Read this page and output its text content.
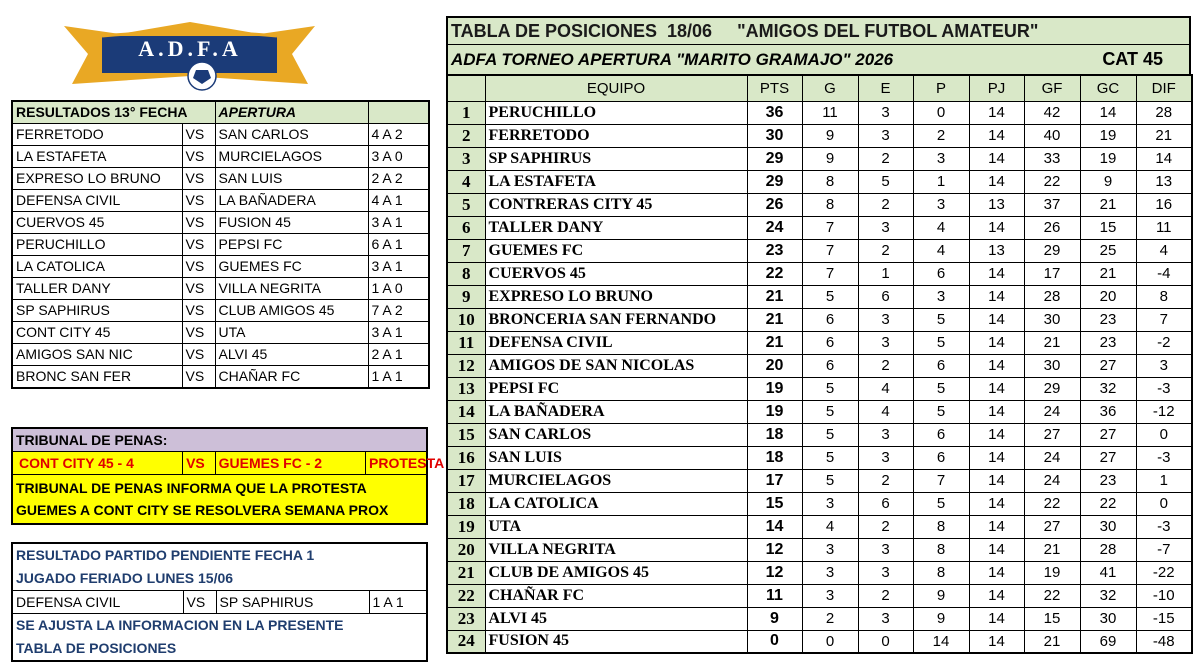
A.D.F.A
RESULTADOS 13° FECHA		APERTURA	
FERRETODO	VS	SAN CARLOS	4 A 2
LA ESTAFETA	VS	MURCIELAGOS	3 A 0
EXPRESO LO BRUNO	VS	SAN LUIS	2 A 2
DEFENSA CIVIL	VS	LA BAÑADERA	4 A 1
CUERVOS 45	VS	FUSION 45	3 A 1
PERUCHILLO	VS	PEPSI FC	6 A 1
LA CATOLICA	VS	GUEMES FC	3 A 1
TALLER DANY	VS	VILLA NEGRITA	1 A 0
SP SAPHIRUS	VS	CLUB AMIGOS 45	7 A 2
CONT CITY 45	VS	UTA	3 A 1
AMIGOS SAN NIC	VS	ALVI 45	2 A 1
BRONC SAN FER	VS	CHAÑAR FC	1 A 1
TRIBUNAL DE PENAS:
CONT CITY 45 - 4	VS GUEMES FC - 2	PROTESTA
TRIBUNAL DE PENAS INFORMA QUE LA PROTESTA GUEMES A CONT CITY SE RESOLVERA SEMANA PROX
RESULTADO PARTIDO PENDIENTE FECHA 1
JUGADO FERIADO LUNES 15/06
DEFENSA CIVIL	VS	SP SAPHIRUS	1 A 1
SE AJUSTA LA INFORMACION EN LA PRESENTE
TABLA DE POSICIONES
TABLA DE POSICIONES  18/06     "AMIGOS DEL FUTBOL AMATEUR"
ADFA TORNEO APERTURA "MARITO GRAMAJO" 2026	CAT 45
	EQUIPO	PTS	G	E	P	PJ	GF	GC	DIF
1	PERUCHILLO	36	11	3	0	14	42	14	28
2	FERRETODO	30	9	3	2	14	40	19	21
3	SP SAPHIRUS	29	9	2	3	14	33	19	14
4	LA ESTAFETA	29	8	5	1	14	22	9	13
5	CONTRERAS CITY 45	26	8	2	3	13	37	21	16
6	TALLER DANY	24	7	3	4	14	26	15	11
7	GUEMES FC	23	7	2	4	13	29	25	4
8	CUERVOS 45	22	7	1	6	14	17	21	-4
9	EXPRESO LO BRUNO	21	5	6	3	14	28	20	8
10	BRONCERIA SAN FERNANDO	21	6	3	5	14	30	23	7
11	DEFENSA CIVIL	21	6	3	5	14	21	23	-2
12	AMIGOS DE SAN NICOLAS	20	6	2	6	14	30	27	3
13	PEPSI FC	19	5	4	5	14	29	32	-3
14	LA BAÑADERA	19	5	4	5	14	24	36	-12
15	SAN CARLOS	18	5	3	6	14	27	27	0
16	SAN LUIS	18	5	3	6	14	24	27	-3
17	MURCIELAGOS	17	5	2	7	14	24	23	1
18	LA CATOLICA	15	3	6	5	14	22	22	0
19	UTA	14	4	2	8	14	27	30	-3
20	VILLA NEGRITA	12	3	3	8	14	21	28	-7
21	CLUB DE AMIGOS 45	12	3	3	8	14	19	41	-22
22	CHAÑAR FC	11	3	2	9	14	22	32	-10
23	ALVI 45	9	2	3	9	14	15	30	-15
24	FUSION 45	0	0	0	14	14	21	69	-48
